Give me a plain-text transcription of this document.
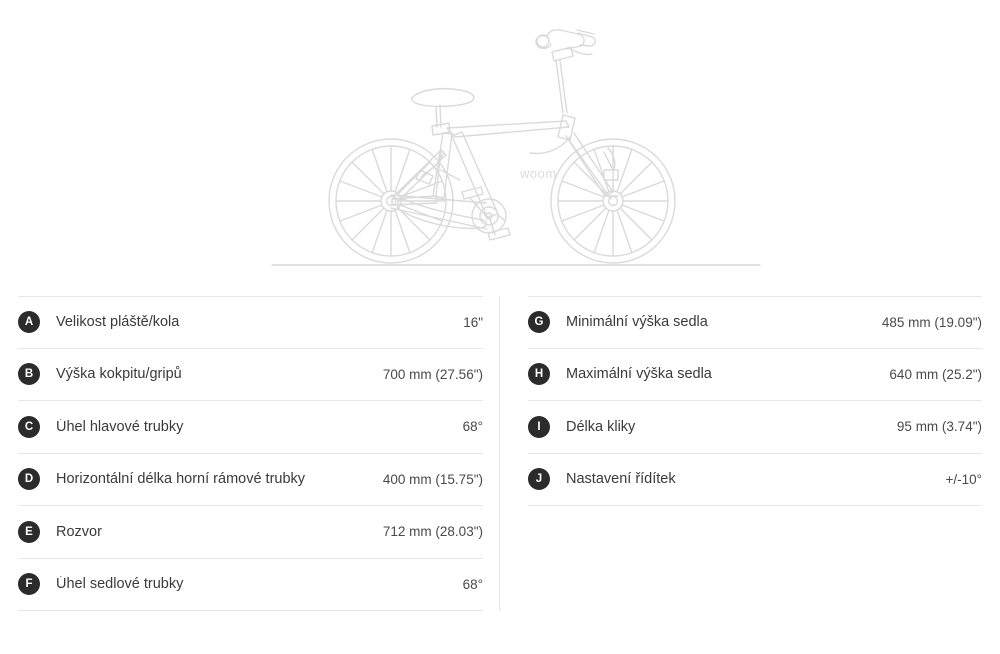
woom
A	Velikost pláště/kola	16"
B	Výška kokpitu/gripů	700 mm (27.56")
C	Úhel hlavové trubky	68°
D	Horizontální délka horní rámové trubky	400 mm (15.75")
E	Rozvor	712 mm (28.03")
F	Úhel sedlové trubky	68°
G	Minimální výška sedla	485 mm (19.09")
H	Maximální výška sedla	640 mm (25.2")
I	Délka kliky	95 mm (3.74")
J	Nastavení řídítek	+/-10°
